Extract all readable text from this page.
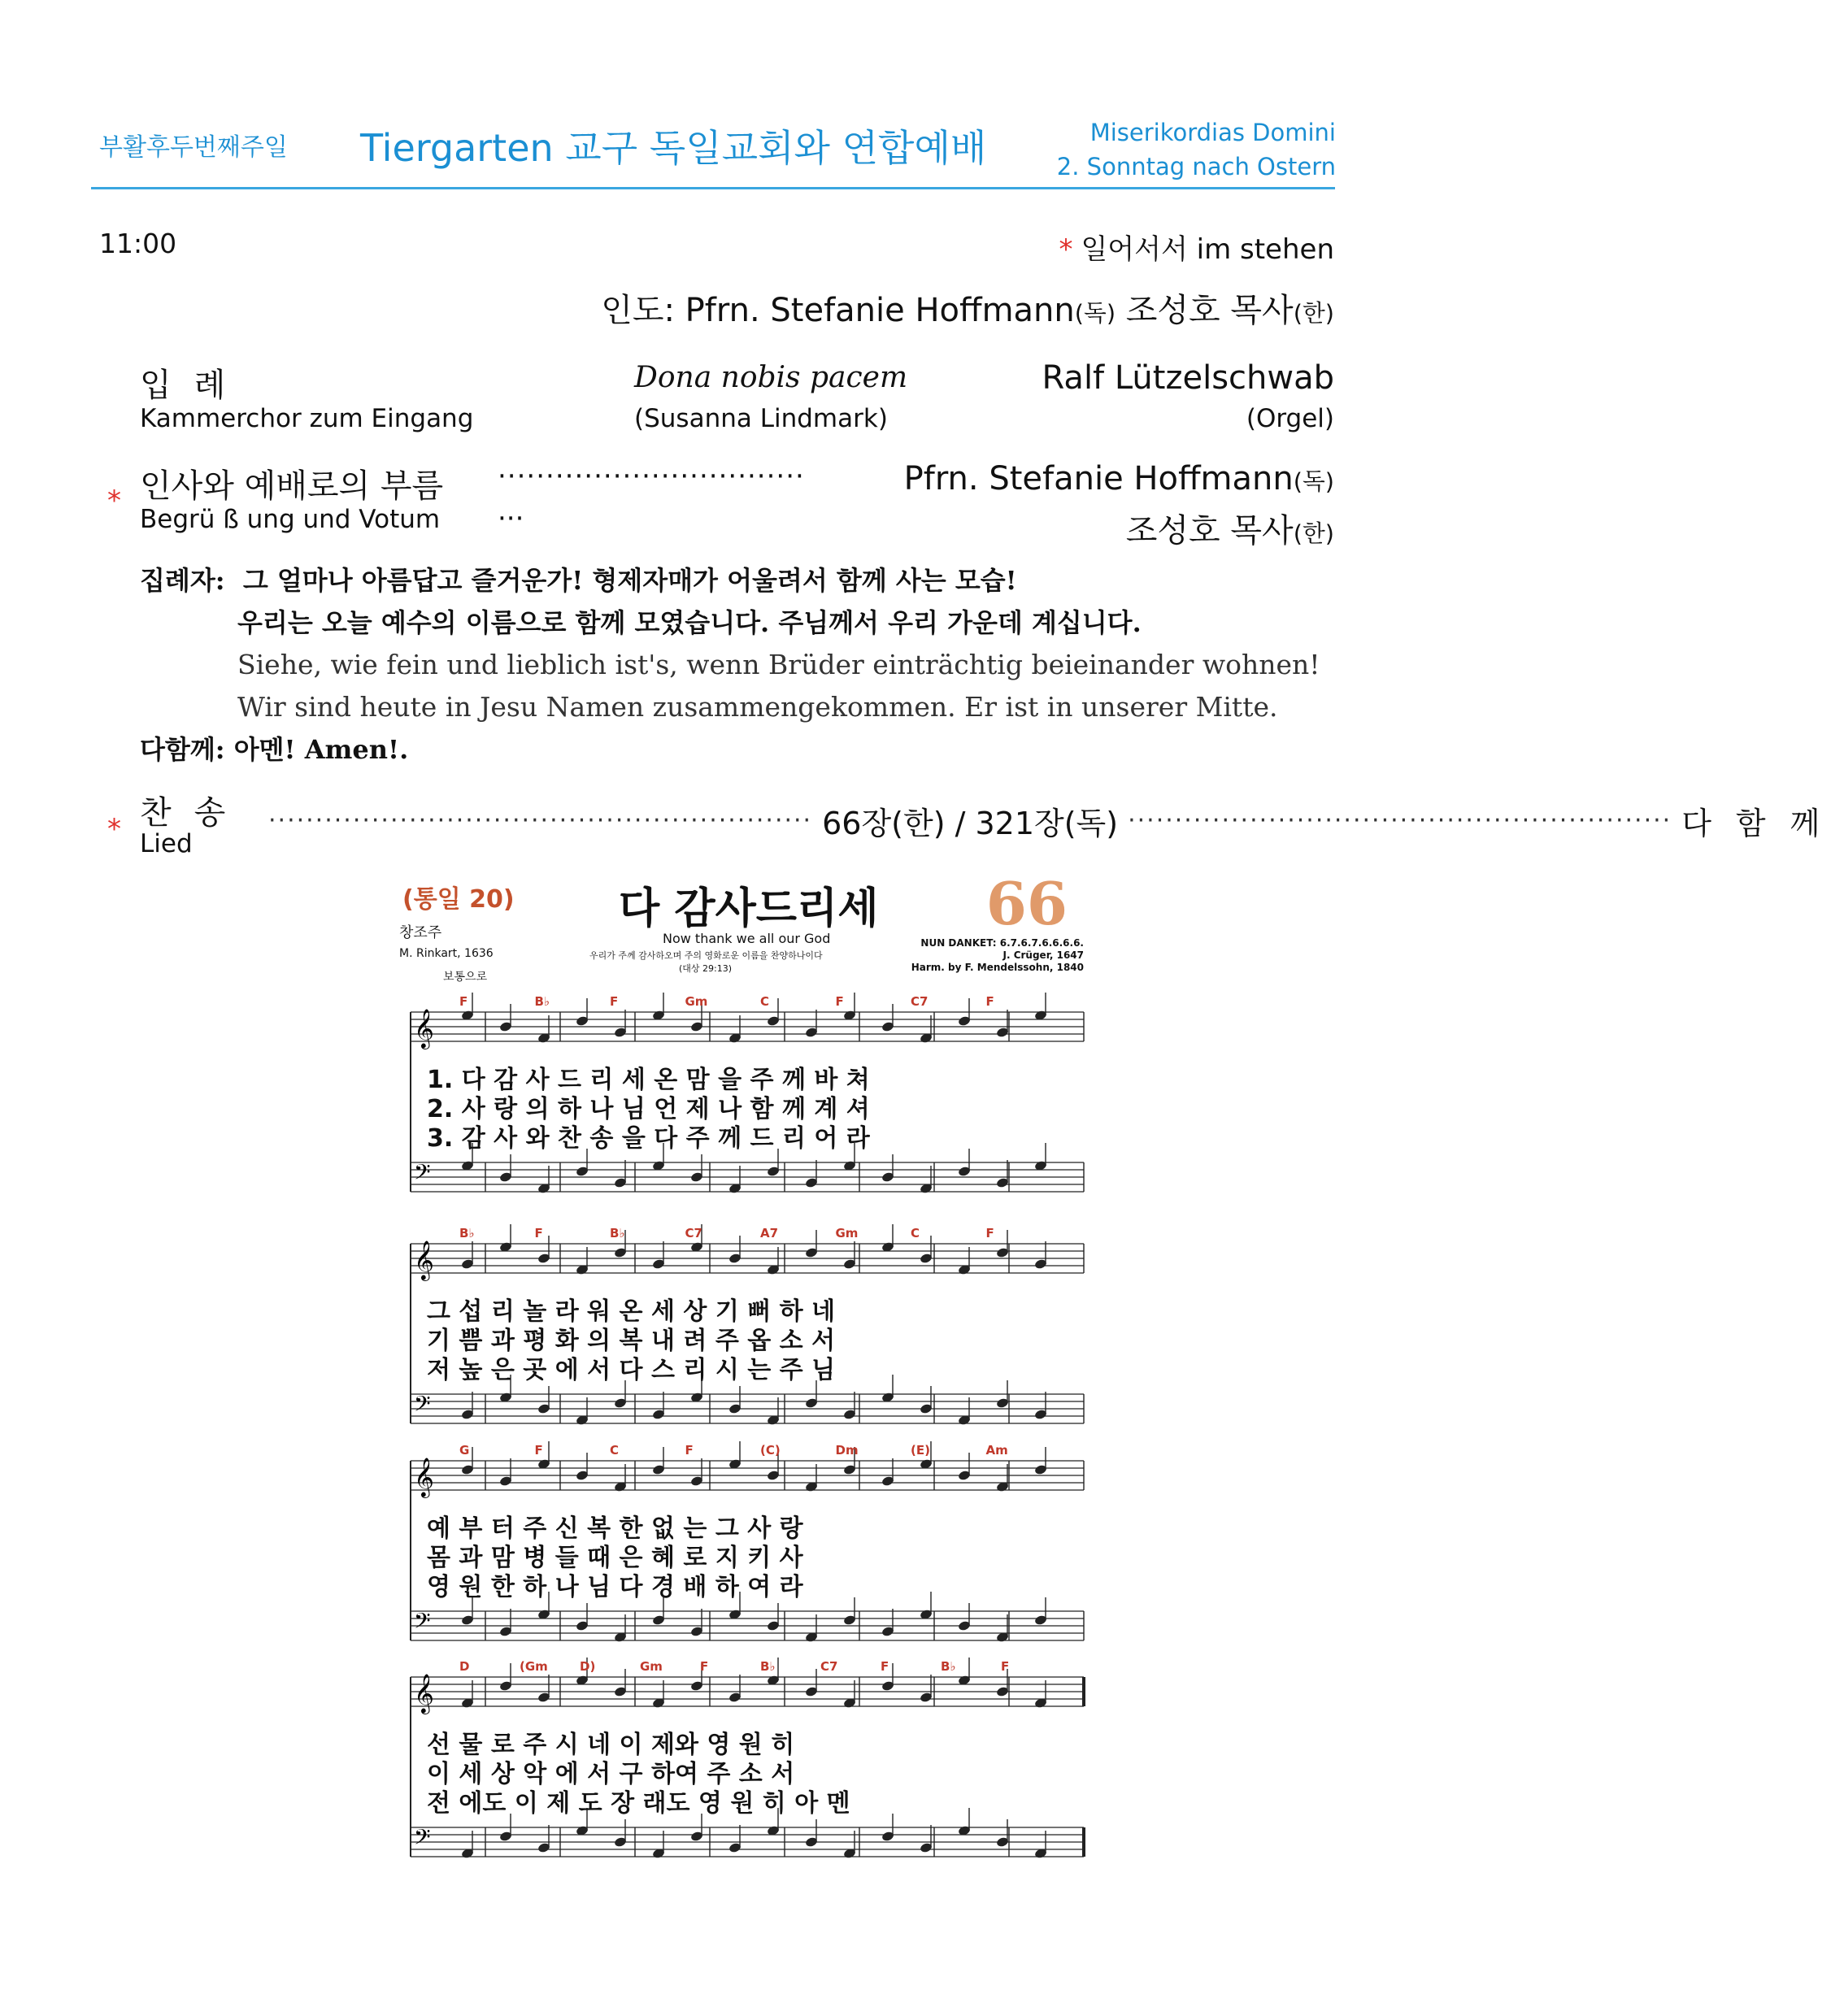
부활후두번째주일 Tiergarten 교구 독일교회와 연합예배	Miserikordias Domini
2. Sonntag nach Ostern
11:00	* 일어서서 im stehen
인도: Pfrn. Stefanie Hoffmann(독) 조성호 목사(한)
입례
Kammerchor zum Eingang
Dona nobis pacem
(Susanna Lindmark)
Ralf Lützelschwab
(Orgel)
* 인사와 예배로의 부름
Begrü ß ung und Votum
································
···
Pfrn. Stefanie Hoffmann(독)
조성호 목사(한)
집례자: 그 얼마나 아름답고 즐거운가! 형제자매가 어울려서 함께 사는 모습!
우리는 오늘 예수의 이름으로 함께 모였습니다. 주님께서 우리 가운데 계십니다.
Siehe, wie fein und lieblich ist's, wenn Brüder einträchtig beieinander wohnen!
Wir sind heute in Jesu Namen zusammengekommen. Er ist in unserer Mitte.
다함께: 아멘! Amen!.
* 찬송
Lied
·························································· 66장(한) / 321장(독) ·························································· 다함께
(통일 20)
창조주
M. Rinkart, 1636
보통으로
다 감사드리세
Now thank we all our God
우리가 주께 감사하오며 주의 영화로운 이름을 찬양하나이다
(대상 29:13)
66
NUN DANKET: 6.7.6.7.6.6.6.6.
J. Crüger, 1647
Harm. by F. Mendelssohn, 1840
𝄞
𝄢
𝄞
𝄢
𝄞
𝄢
𝄞
𝄢
F	B♭	F	Gm	C	F	C7	F
1. 다 감 사 드 리 세 온 맘 을 주 께 바 쳐
2. 사 랑 의 하 나 님 언 제 나 함 께 계 셔
3. 감 사 와 찬 송 을 다 주 께 드 리 어 라
B♭	F	B♭	C7	A7	Gm	C	F
그 섭 리 놀 라 워 온 세 상 기 뻐 하 네
기 쁨 과 평 화 의 복 내 려 주 옵 소 서
저 높 은 곳 에 서 다 스 리 시 는 주 님
G	F	C	F	(C)	Dm	(E)	Am
예 부 터 주 신 복 한 없 는 그 사 랑
몸 과 맘 병 들 때 은 혜 로 지 키 사
영 원 한 하 나 님 다 경 배 하 여 라
D	(Gm	D)	Gm	F	B♭	C7	F	B♭	F
선 물 로 주 시 네 이 제와 영 원 히
이 세 상 악 에 서 구 하여 주 소 서
전 에도 이 제 도 장 래도 영 원 히 아 멘
